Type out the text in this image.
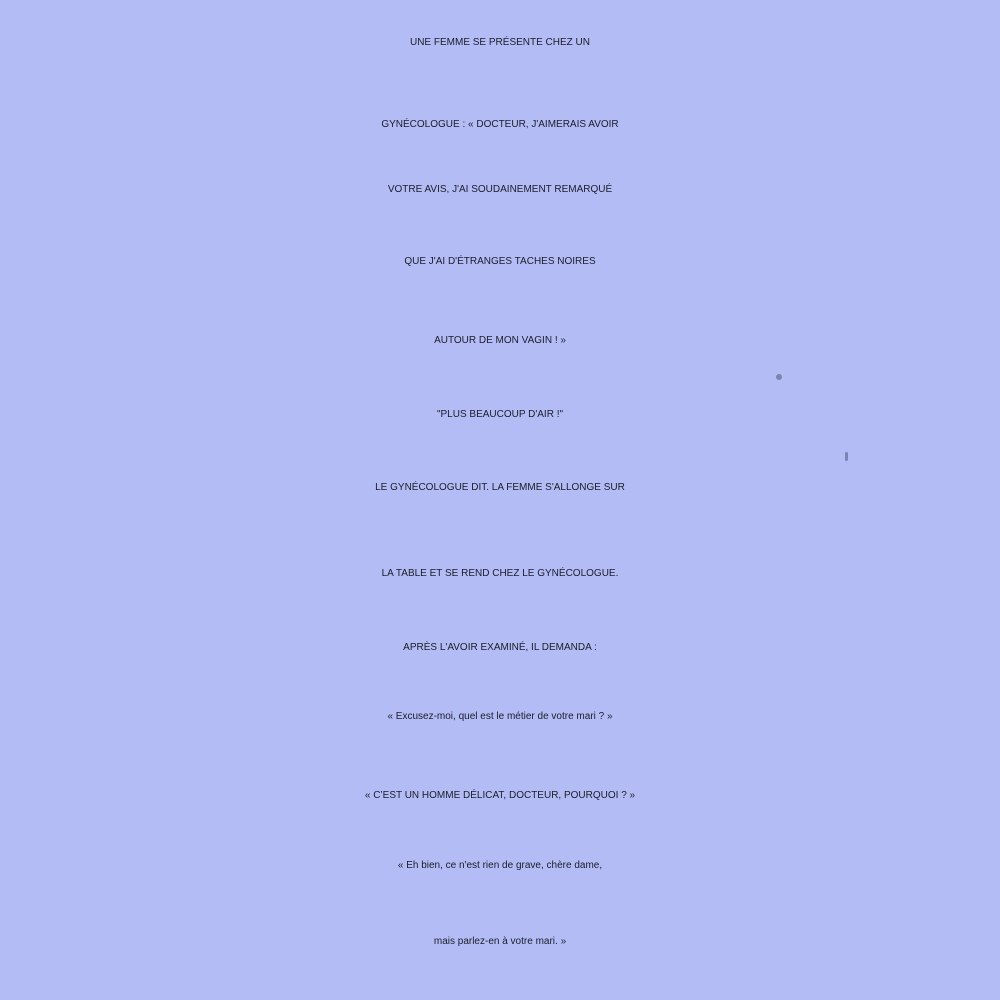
UNE FEMME SE PRÉSENTE CHEZ UN
GYNÉCOLOGUE : « DOCTEUR, J'AIMERAIS AVOIR
VOTRE AVIS, J'AI SOUDAINEMENT REMARQUÉ
QUE J'AI D'ÉTRANGES TACHES NOIRES
AUTOUR DE MON VAGIN ! »
"PLUS BEAUCOUP D'AIR !"
LE GYNÉCOLOGUE DIT. LA FEMME S'ALLONGE SUR
LA TABLE ET SE REND CHEZ LE GYNÉCOLOGUE.
APRÈS L'AVOIR EXAMINÉ, IL DEMANDA :
« Excusez-moi, quel est le métier de votre mari ? »
« C’EST UN HOMME DÉLICAT, DOCTEUR, POURQUOI ? »
« Eh bien, ce n'est rien de grave, chère dame,
mais parlez-en à votre mari. »
